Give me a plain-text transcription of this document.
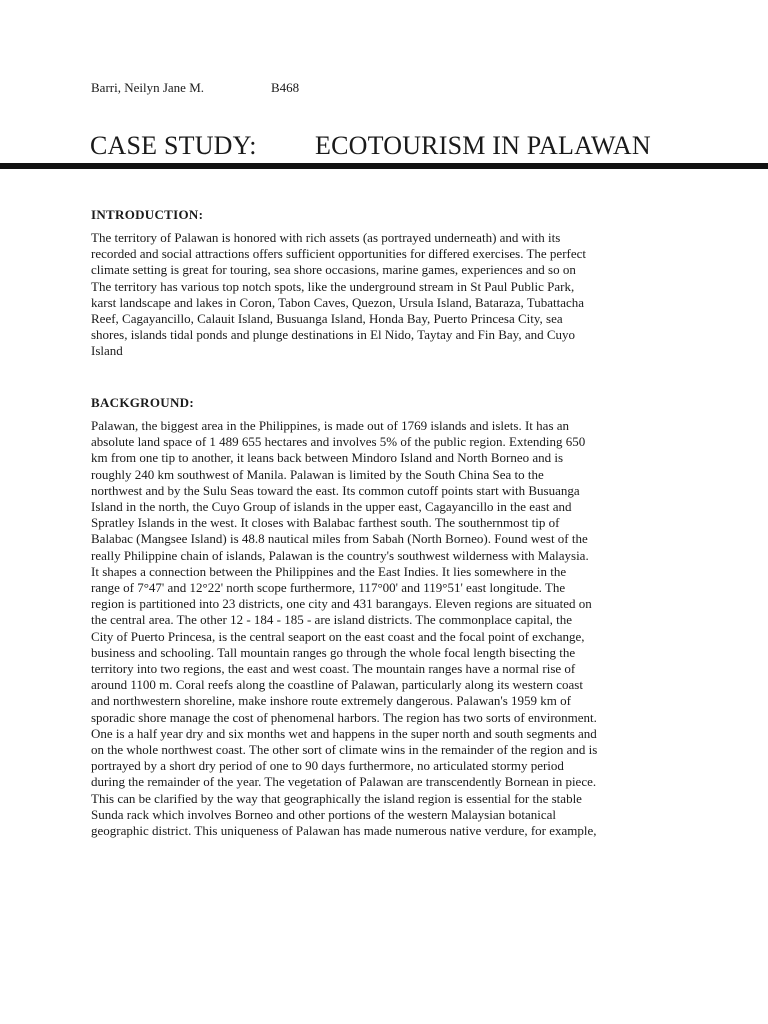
Barri, Neilyn Jane M.	B468
CASE STUDY: ECOTOURISM IN PALAWAN
INTRODUCTION:
The territory of Palawan is honored with rich assets (as portrayed underneath) and with its
recorded and social attractions offers sufficient opportunities for differed exercises. The perfect
climate setting is great for touring, sea shore occasions, marine games, experiences and so on
The territory has various top notch spots, like the underground stream in St Paul Public Park,
karst landscape and lakes in Coron, Tabon Caves, Quezon, Ursula Island, Bataraza, Tubattacha
Reef, Cagayancillo, Calauit Island, Busuanga Island, Honda Bay, Puerto Princesa City, sea
shores, islands tidal ponds and plunge destinations in El Nido, Taytay and Fin Bay, and Cuyo
Island
BACKGROUND:
Palawan, the biggest area in the Philippines, is made out of 1769 islands and islets. It has an
absolute land space of 1 489 655 hectares and involves 5% of the public region. Extending 650
km from one tip to another, it leans back between Mindoro Island and North Borneo and is
roughly 240 km southwest of Manila. Palawan is limited by the South China Sea to the
northwest and by the Sulu Seas toward the east. Its common cutoff points start with Busuanga
Island in the north, the Cuyo Group of islands in the upper east, Cagayancillo in the east and
Spratley Islands in the west. It closes with Balabac farthest south. The southernmost tip of
Balabac (Mangsee Island) is 48.8 nautical miles from Sabah (North Borneo). Found west of the
really Philippine chain of islands, Palawan is the country's southwest wilderness with Malaysia.
It shapes a connection between the Philippines and the East Indies. It lies somewhere in the
range of 7°47' and 12°22' north scope furthermore, 117°00' and 119°51' east longitude. The
region is partitioned into 23 districts, one city and 431 barangays. Eleven regions are situated on
the central area. The other 12 - 184 - 185 - are island districts. The commonplace capital, the
City of Puerto Princesa, is the central seaport on the east coast and the focal point of exchange,
business and schooling. Tall mountain ranges go through the whole focal length bisecting the
territory into two regions, the east and west coast. The mountain ranges have a normal rise of
around 1100 m. Coral reefs along the coastline of Palawan, particularly along its western coast
and northwestern shoreline, make inshore route extremely dangerous. Palawan's 1959 km of
sporadic shore manage the cost of phenomenal harbors. The region has two sorts of environment.
One is a half year dry and six months wet and happens in the super north and south segments and
on the whole northwest coast. The other sort of climate wins in the remainder of the region and is
portrayed by a short dry period of one to 90 days furthermore, no articulated stormy period
during the remainder of the year. The vegetation of Palawan are transcendently Bornean in piece.
This can be clarified by the way that geographically the island region is essential for the stable
Sunda rack which involves Borneo and other portions of the western Malaysian botanical
geographic district. This uniqueness of Palawan has made numerous native verdure, for example,
